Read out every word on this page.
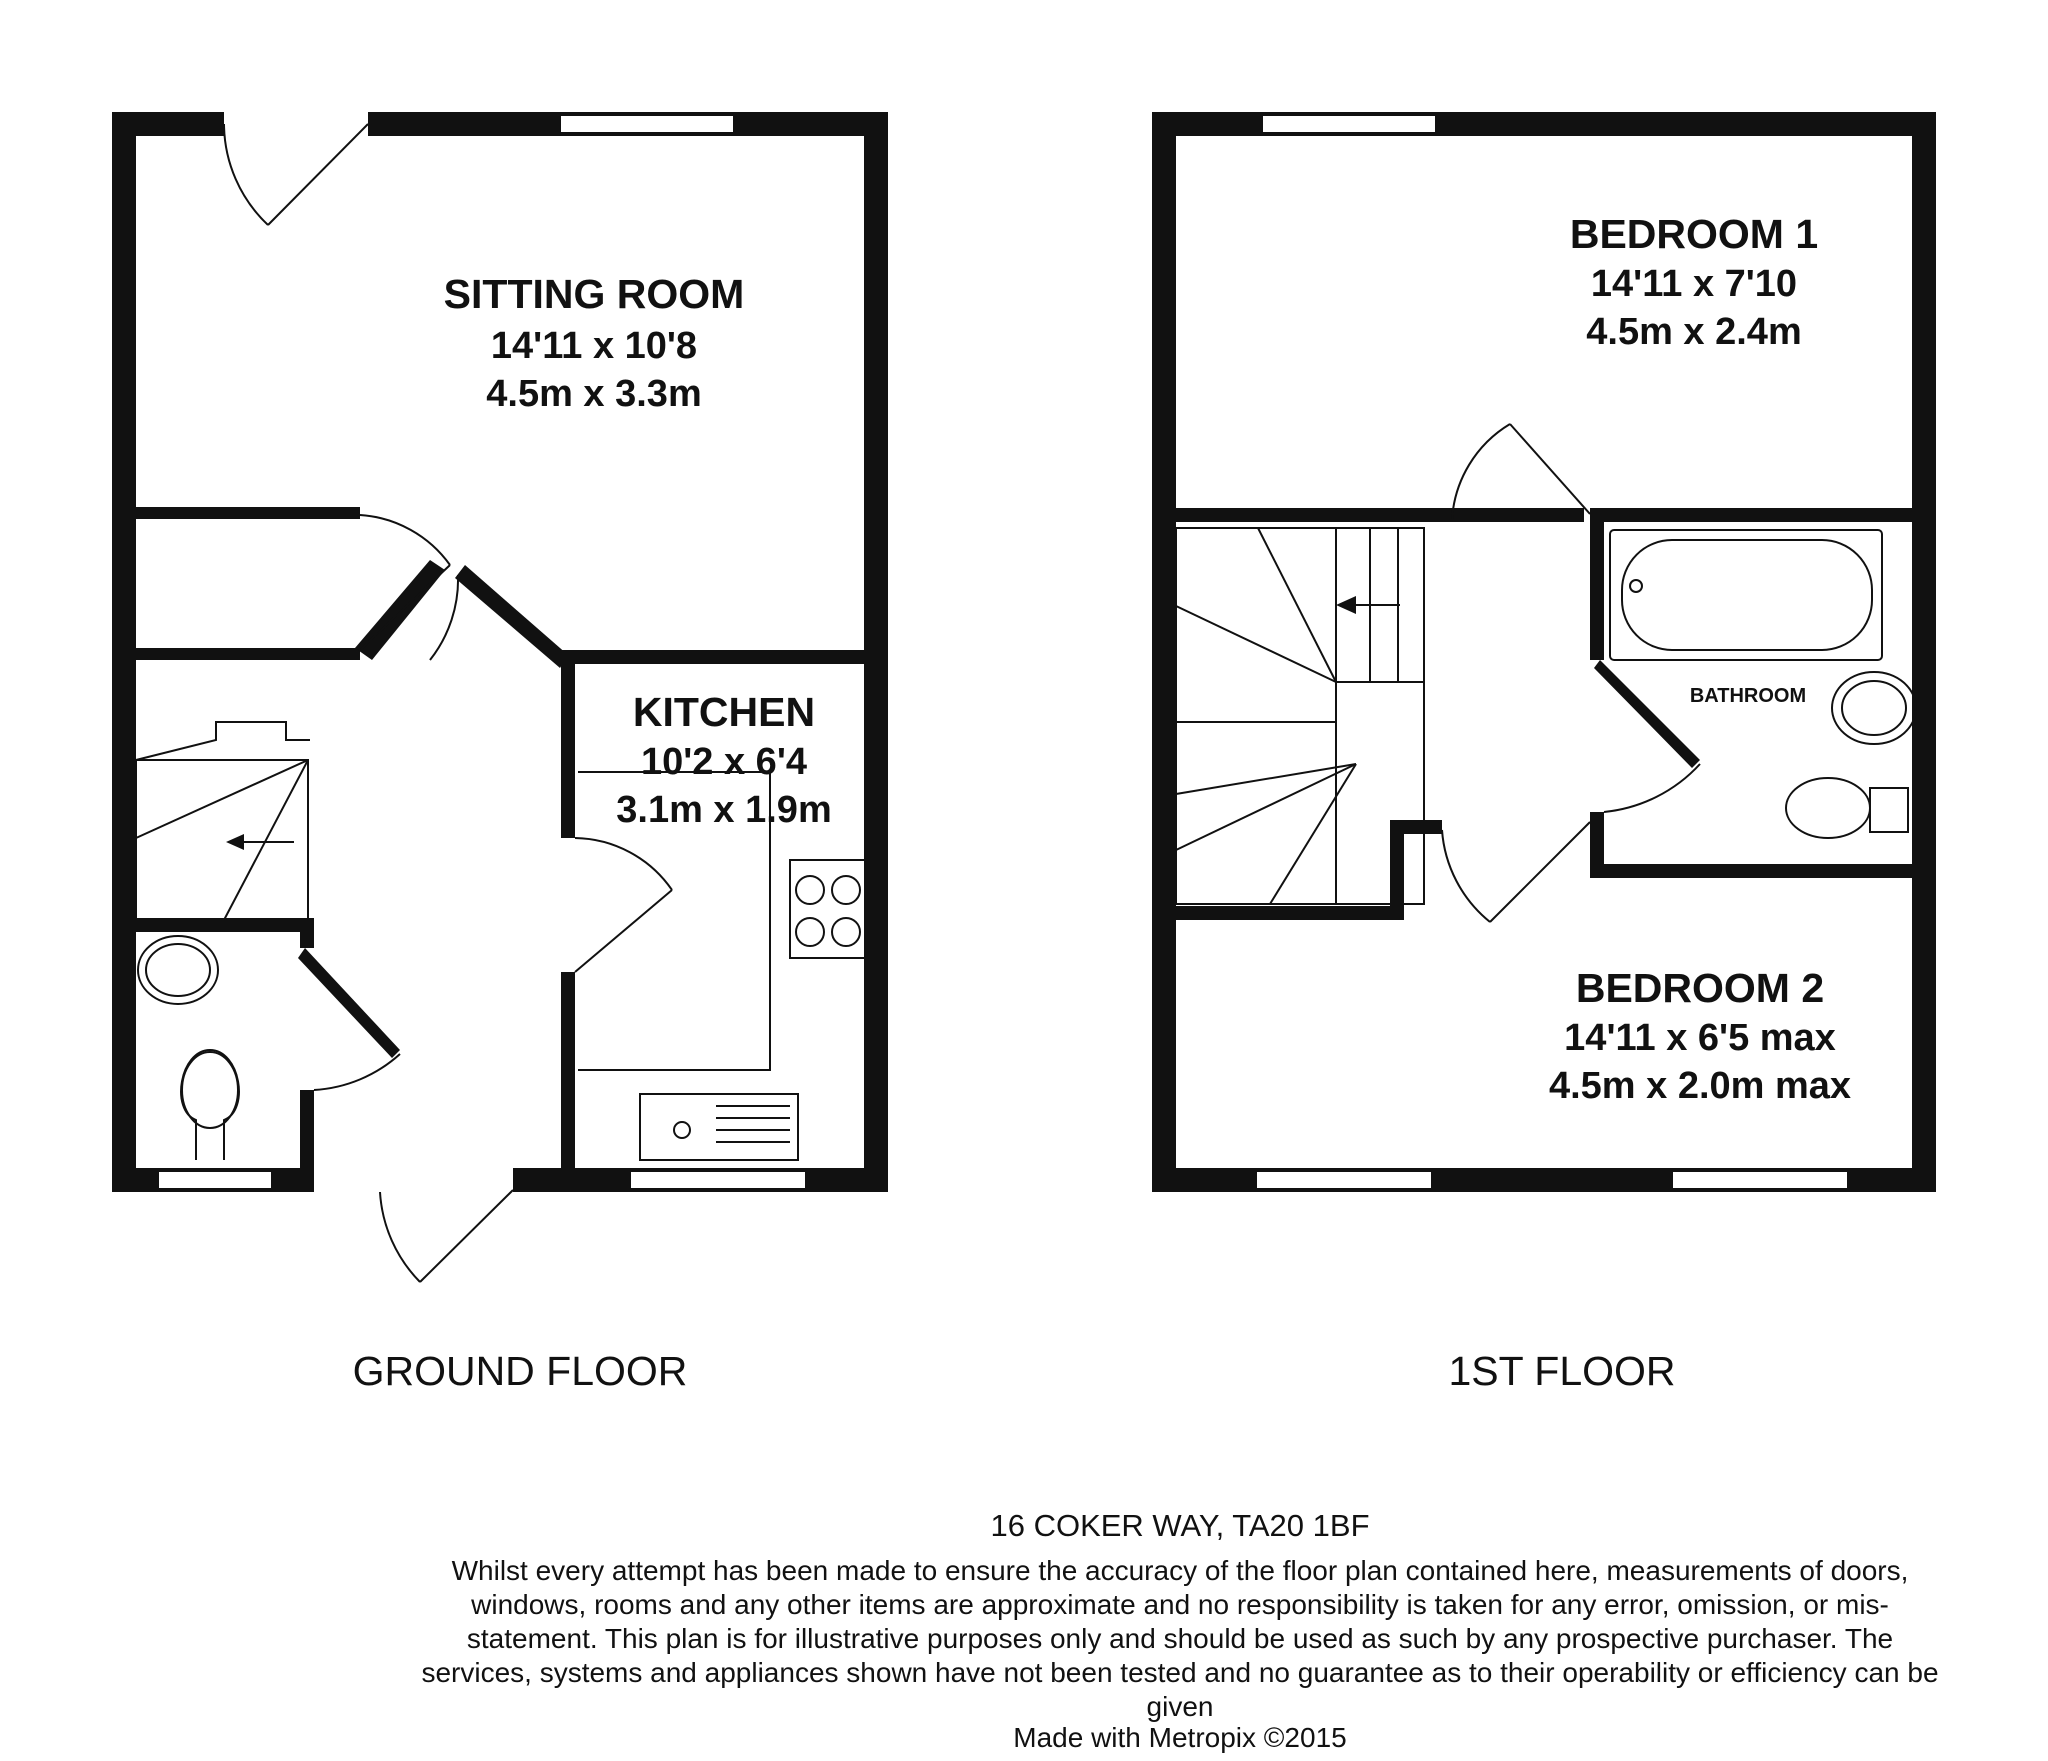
SITTING ROOM
14'11 x 10'8
4.5m x 3.3m
KITCHEN
10'2 x 6'4
3.1m x 1.9m
GROUND FLOOR
BEDROOM 1
14'11 x 7'10
4.5m x 2.4m
BATHROOM
BEDROOM 2
14'11 x 6'5 max
4.5m x 2.0m max
1ST FLOOR
16 COKER WAY, TA20 1BF
Whilst every attempt has been made to ensure the accuracy of the floor plan contained here, measurements of doors, windows, rooms and any other items are approximate and no responsibility is taken for any error, omission, or mis-statement. This plan is for illustrative purposes only and should be used as such by any prospective purchaser. The services, systems and appliances shown have not been tested and no guarantee as to their operability or efficiency can be given
Made with Metropix ©2015
